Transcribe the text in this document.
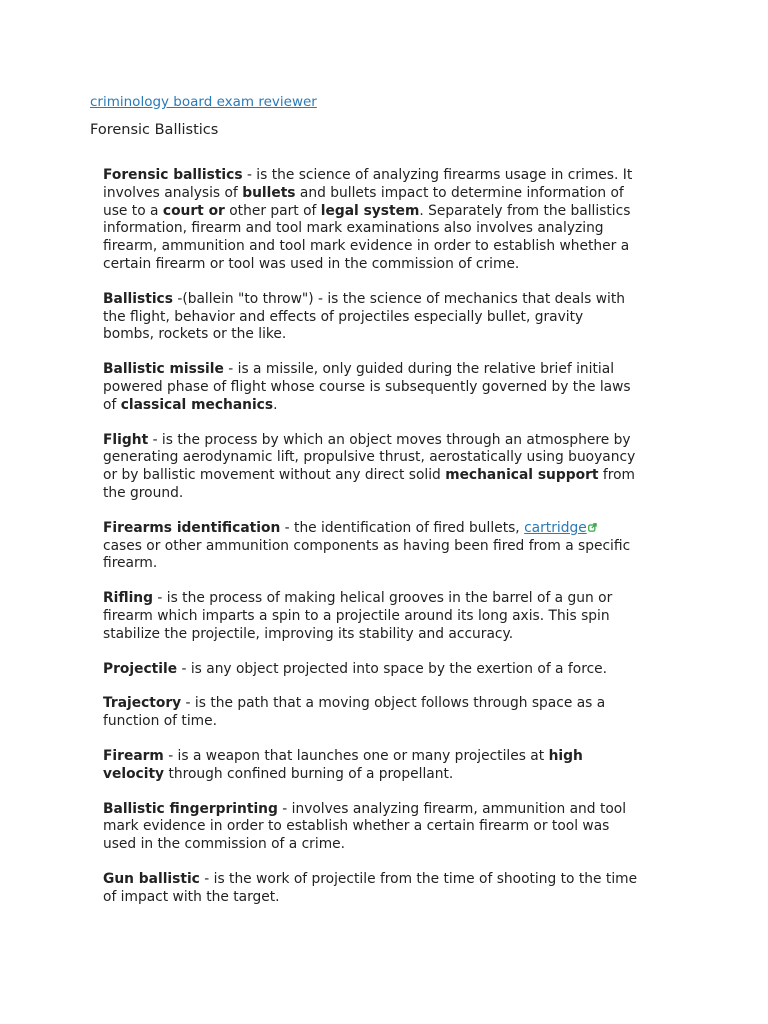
criminology board exam reviewer
Forensic Ballistics

Forensic ballistics - is the science of analyzing firearms usage in crimes. It involves analysis of bullets and bullets impact to determine information of use to a court or other part of legal system. Separately from the ballistics information, firearm and tool mark examinations also involves analyzing firearm, ammunition and tool mark evidence in order to establish whether a certain firearm or tool was used in the commission of crime.

Ballistics -(ballein "to throw") - is the science of mechanics that deals with the flight, behavior and effects of projectiles especially bullet, gravity bombs, rockets or the like.

Ballistic missile - is a missile, only guided during the relative brief initial powered phase of flight whose course is subsequently governed by the laws of classical mechanics.

Flight - is the process by which an object moves through an atmosphere by generating aerodynamic lift, propulsive thrust, aerostatically using buoyancy or by ballistic movement without any direct solid mechanical support from the ground.

Firearms identification - the identification of fired bullets, cartridge cases or other ammunition components as having been fired from a specific firearm.

Rifling - is the process of making helical grooves in the barrel of a gun or firearm which imparts a spin to a projectile around its long axis. This spin stabilize the projectile, improving its stability and accuracy.

Projectile - is any object projected into space by the exertion of a force.

Trajectory - is the path that a moving object follows through space as a function of time.

Firearm - is a weapon that launches one or many projectiles at high velocity through confined burning of a propellant.

Ballistic fingerprinting - involves analyzing firearm, ammunition and tool mark evidence in order to establish whether a certain firearm or tool was used in the commission of a crime.

Gun ballistic - is the work of projectile from the time of shooting to the time of impact with the target.
